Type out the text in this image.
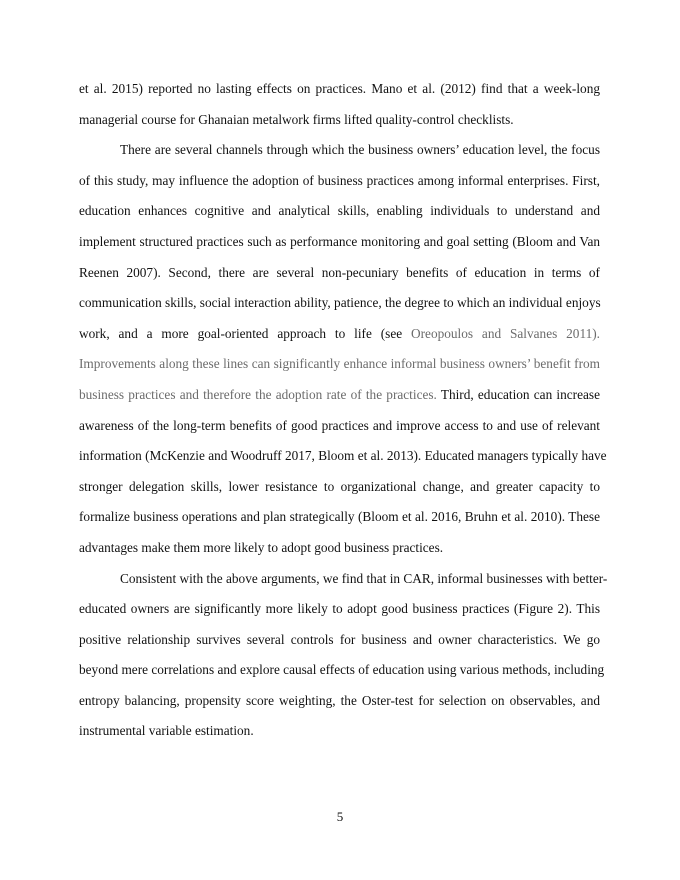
et al. 2015) reported no lasting effects on practices. Mano et al. (2012) find that a week-long
managerial course for Ghanaian metalwork firms lifted quality-control checklists.
There are several channels through which the business owners’ education level, the focus
of this study, may influence the adoption of business practices among informal enterprises. First,
education enhances cognitive and analytical skills, enabling individuals to understand and
implement structured practices such as performance monitoring and goal setting (Bloom and Van
Reenen 2007). Second, there are several non-pecuniary benefits of education in terms of
communication skills, social interaction ability, patience, the degree to which an individual enjoys
work, and a more goal-oriented approach to life (see Oreopoulos and Salvanes 2011).
Improvements along these lines can significantly enhance informal business owners’ benefit from
business practices and therefore the adoption rate of the practices. Third, education can increase
awareness of the long-term benefits of good practices and improve access to and use of relevant
information (McKenzie and Woodruff 2017, Bloom et al. 2013). Educated managers typically have
stronger delegation skills, lower resistance to organizational change, and greater capacity to
formalize business operations and plan strategically (Bloom et al. 2016, Bruhn et al. 2010). These
advantages make them more likely to adopt good business practices.
Consistent with the above arguments, we find that in CAR, informal businesses with better-
educated owners are significantly more likely to adopt good business practices (Figure 2). This
positive relationship survives several controls for business and owner characteristics. We go
beyond mere correlations and explore causal effects of education using various methods, including
entropy balancing, propensity score weighting, the Oster-test for selection on observables, and
instrumental variable estimation.
5
